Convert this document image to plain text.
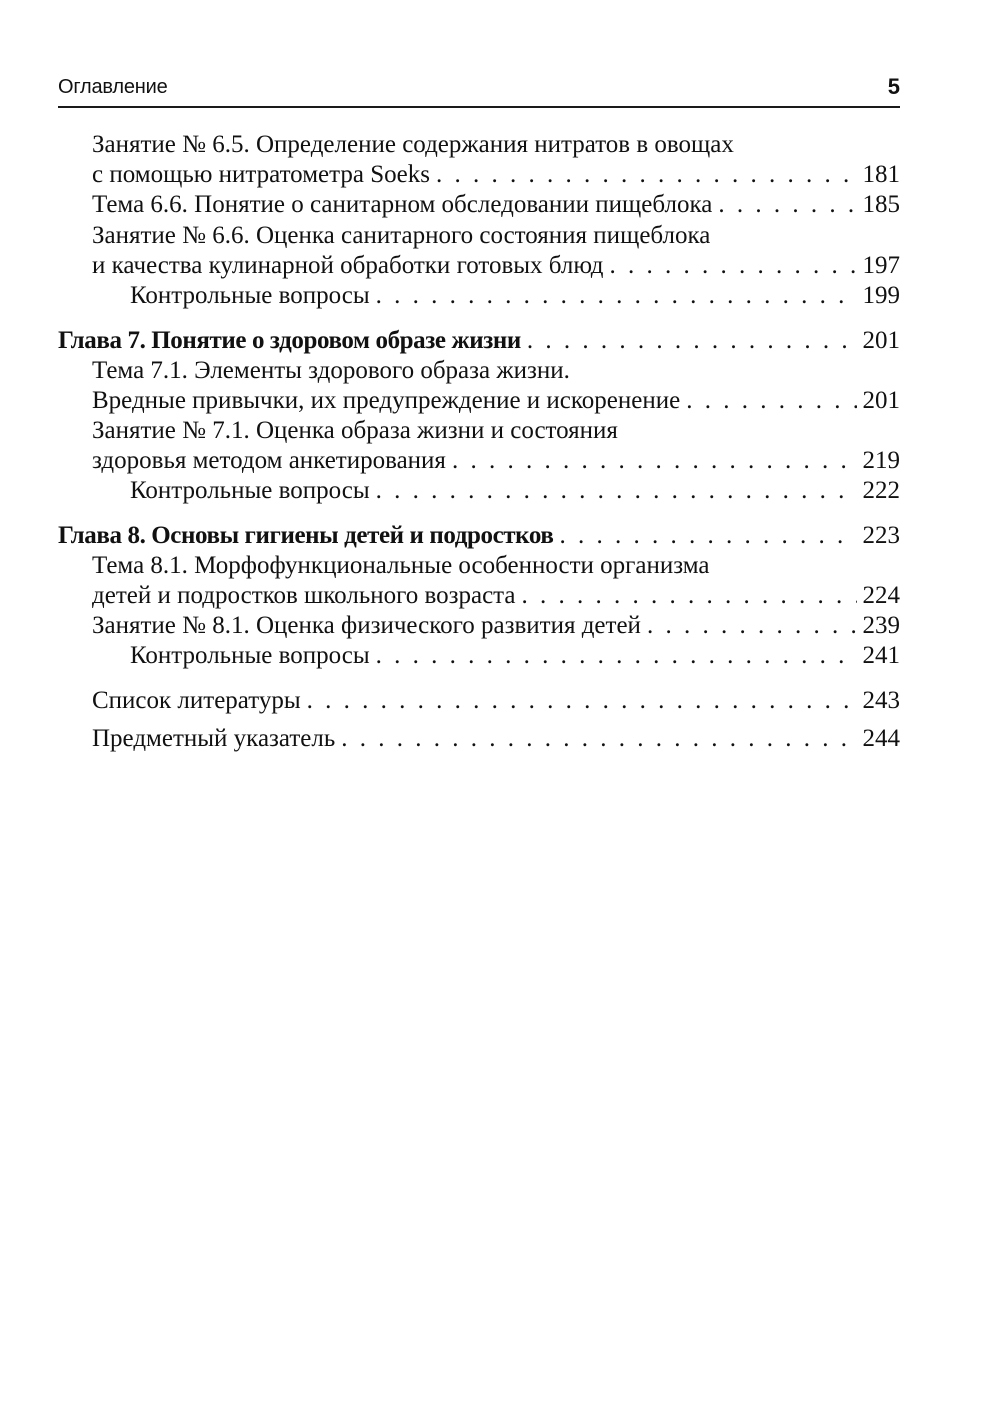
Оглавление	5
Занятие № 6.5. Определение содержания нитратов в овощах
с помощью нитратометра Soeks . . .	181
Тема 6.6. Понятие о санитарном обследовании пищеблока . . .	185
Занятие № 6.6. Оценка санитарного состояния пищеблока
и качества кулинарной обработки готовых блюд . . .	197
Контрольные вопросы . . .	199
Глава 7. Понятие о здоровом образе жизни . . .	201
Тема 7.1. Элементы здорового образа жизни.
Вредные привычки, их предупреждение и искоренение . . .	201
Занятие № 7.1. Оценка образа жизни и состояния
здоровья методом анкетирования . . .	219
Контрольные вопросы . . .	222
Глава 8. Основы гигиены детей и подростков . . .	223
Тема 8.1. Морфофункциональные особенности организма
детей и подростков школьного возраста . . .	224
Занятие № 8.1. Оценка физического развития детей . . .	239
Контрольные вопросы . . .	241
Список литературы . . .	243
Предметный указатель . . .	244
